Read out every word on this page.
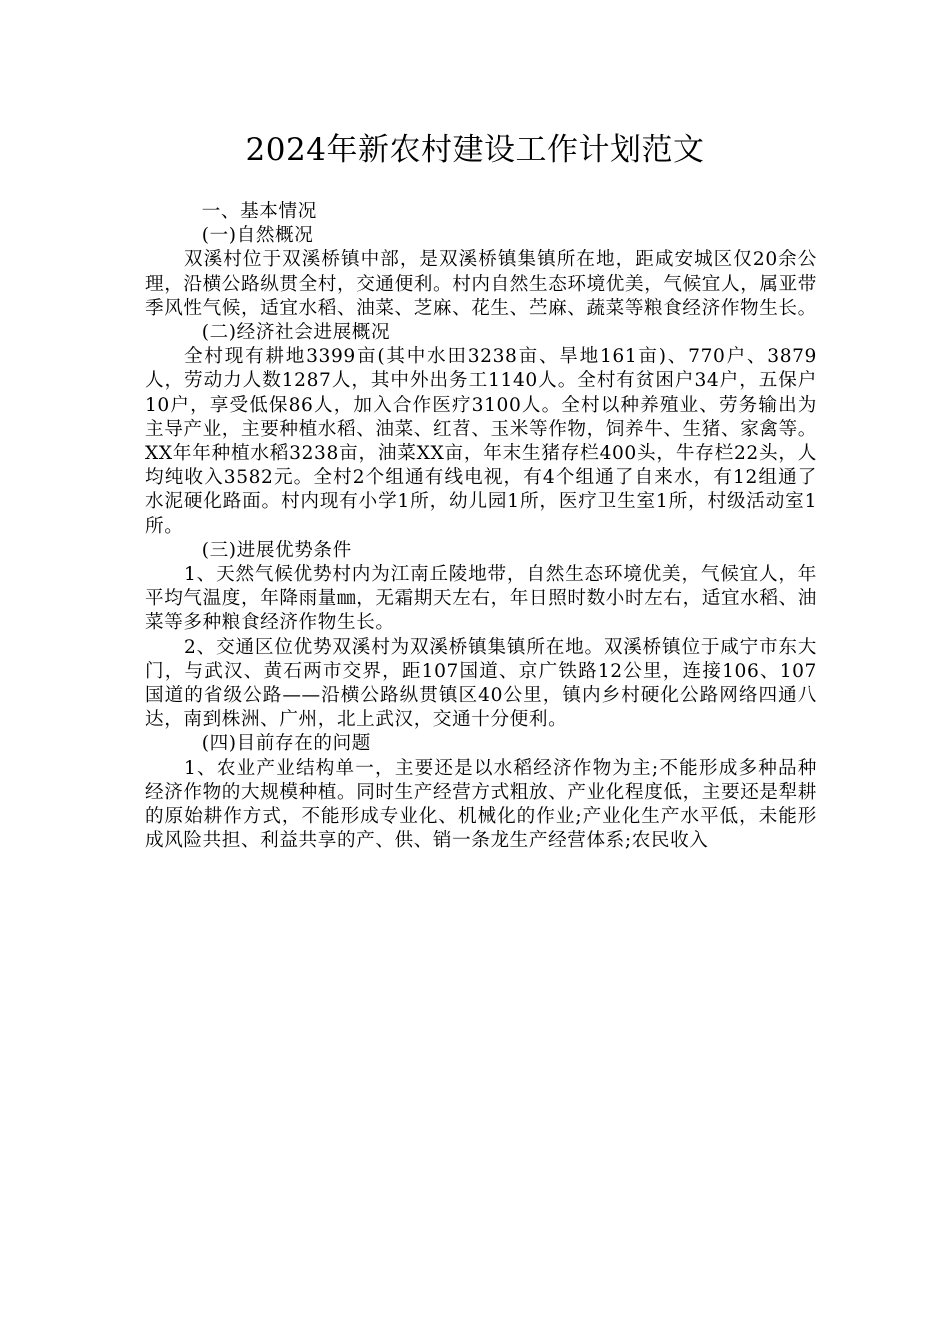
2024年新农村建设工作计划范文

一、基本情况

(一)自然概况

双溪村位于双溪桥镇中部，是双溪桥镇集镇所在地，距咸安城区仅20余公理，沿横公路纵贯全村，交通便利。村内自然生态环境优美，气候宜人，属亚带季风性气候，适宜水稻、油菜、芝麻、花生、苎麻、蔬菜等粮食经济作物生长。

(二)经济社会进展概况

全村现有耕地3399亩(其中水田3238亩、旱地161亩)、770户、3879人，劳动力人数1287人，其中外出务工1140人。全村有贫困户34户，五保户10户，享受低保86人，加入合作医疗3100人。全村以种养殖业、劳务输出为主导产业，主要种植水稻、油菜、红苕、玉米等作物，饲养牛、生猪、家禽等。XX年年种植水稻3238亩，油菜XX亩，年末生猪存栏400头，牛存栏22头，人均纯收入3582元。全村2个组通有线电视，有4个组通了自来水，有12组通了水泥硬化路面。村内现有小学1所，幼儿园1所，医疗卫生室1所，村级活动室1所。

(三)进展优势条件

1、天然气候优势村内为江南丘陵地带，自然生态环境优美，气候宜人，年平均气温度，年降雨量㎜，无霜期天左右，年日照时数小时左右，适宜水稻、油菜等多种粮食经济作物生长。

2、交通区位优势双溪村为双溪桥镇集镇所在地。双溪桥镇位于咸宁市东大门，与武汉、黄石两市交界，距107国道、京广铁路12公里，连接106、107国道的省级公路——沿横公路纵贯镇区40公里，镇内乡村硬化公路网络四通八达，南到株洲、广州，北上武汉，交通十分便利。

(四)目前存在的问题

1、农业产业结构单一，主要还是以水稻经济作物为主;不能形成多种品种经济作物的大规模种植。同时生产经营方式粗放、产业化程度低，主要还是犁耕的原始耕作方式，不能形成专业化、机械化的作业;产业化生产水平低，未能形成风险共担、利益共享的产、供、销一条龙生产经营体系;农民收入
